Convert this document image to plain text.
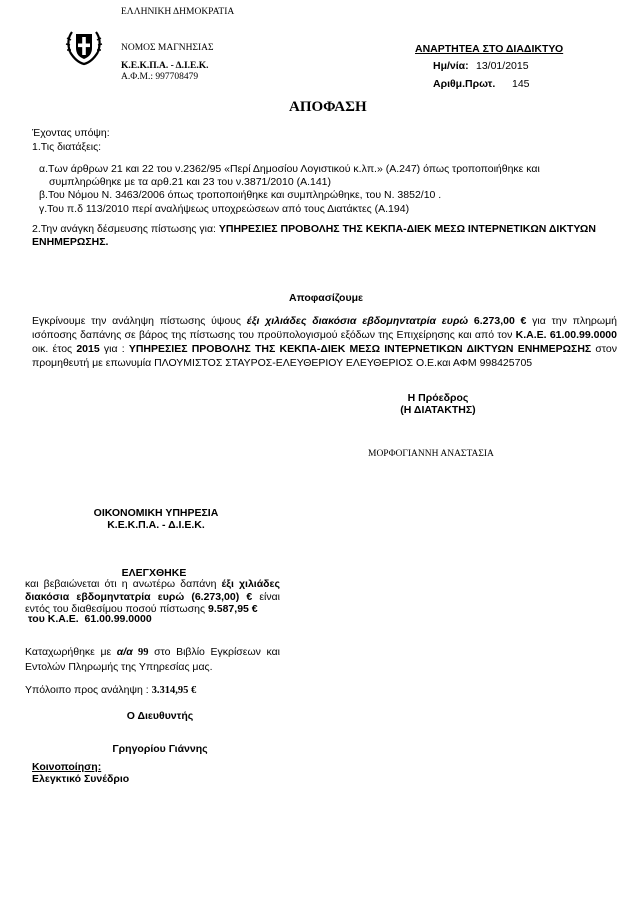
ΕΛΛΗΝΙΚΗ ΔΗΜΟΚΡΑΤΙΑ
ΝΟΜΟΣ ΜΑΓΝΗΣΙΑΣ
Κ.Ε.Κ.Π.Α. - Δ.Ι.Ε.Κ.
Α.Φ.Μ.: 997708479
ΑΝΑΡΤΗΤΕΑ ΣΤΟ ΔΙΑΔΙΚΤΥΟ
Ημ/νία: 13/01/2015
Αριθμ.Πρωτ. 145
ΑΠΟΦΑΣΗ
Έχοντας υπόψη:
1.Τις διατάξεις:
α.Των άρθρων 21 και 22 του ν.2362/95 «Περί Δημοσίου Λογιστικού κ.λπ.» (Α.247) όπως τροποποιήθηκε και
συμπληρώθηκε με τα αρθ.21 και 23 του ν.3871/2010 (Α.141)
β.Του Νόμου Ν. 3463/2006 όπως τροποποιήθηκε και συμπληρώθηκε, του Ν. 3852/10 .
γ.Του π.δ 113/2010 περί αναλήψεως υποχρεώσεων από τους Διατάκτες (Α.194)
2.Την ανάγκη δέσμευσης πίστωσης για: ΥΠΗΡΕΣΙΕΣ ΠΡΟΒΟΛΗΣ ΤΗΣ ΚΕΚΠΑ-ΔΙΕΚ ΜΕΣΩ ΙΝΤΕΡΝΕΤΙΚΩΝ ΔΙΚΤΥΩΝ
ΕΝΗΜΕΡΩΣΗΣ.
Αποφασίζουμε
Εγκρίνουμε την ανάληψη πίστωσης ύψους έξι χιλιάδες διακόσια εβδομηντατρία ευρώ 6.273,00 € για την πληρωμή ισόποσης δαπάνης σε βάρος της πίστωσης του προϋπολογισμού εξόδων της Επιχείρησης και από τον Κ.Α.Ε. 61.00.99.0000 οικ. έτος 2015 για : ΥΠΗΡΕΣΙΕΣ ΠΡΟΒΟΛΗΣ ΤΗΣ ΚΕΚΠΑ-ΔΙΕΚ ΜΕΣΩ ΙΝΤΕΡΝΕΤΙΚΩΝ ΔΙΚΤΥΩΝ ΕΝΗΜΕΡΩΣΗΣ στον προμηθευτή με επωνυμία ΠΛΟΥΜΙΣΤΟΣ ΣΤΑΥΡΟΣ-ΕΛΕΥΘΕΡΙΟΥ ΕΛΕΥΘΕΡΙΟΣ Ο.Ε.και ΑΦΜ 998425705
Η Πρόεδρος
(Η ΔΙΑΤΑΚΤΗΣ)
ΜΟΡΦΟΓΙΑΝΝΗ ΑΝΑΣΤΑΣΙΑ
ΟΙΚΟΝΟΜΙΚΗ ΥΠΗΡΕΣΙΑ
Κ.Ε.Κ.Π.Α. - Δ.Ι.Ε.Κ.
ΕΛΕΓΧΘΗΚΕ
και βεβαιώνεται ότι η ανωτέρω δαπάνη έξι χιλιάδες διακόσια εβδομηντατρία ευρώ (6.273,00) € είναι εντός του διαθεσίμου ποσού πίστωσης 9.587,95 €
του Κ.Α.Ε.  61.00.99.0000
Καταχωρήθηκε με α/α 99 στο Βιβλίο Εγκρίσεων και Εντολών Πληρωμής της Υπηρεσίας μας.
Υπόλοιπο προς ανάληψη : 3.314,95 €
Ο Διευθυντής
Γρηγορίου Γιάννης
Κοινοποίηση:
Ελεγκτικό Συνέδριο
